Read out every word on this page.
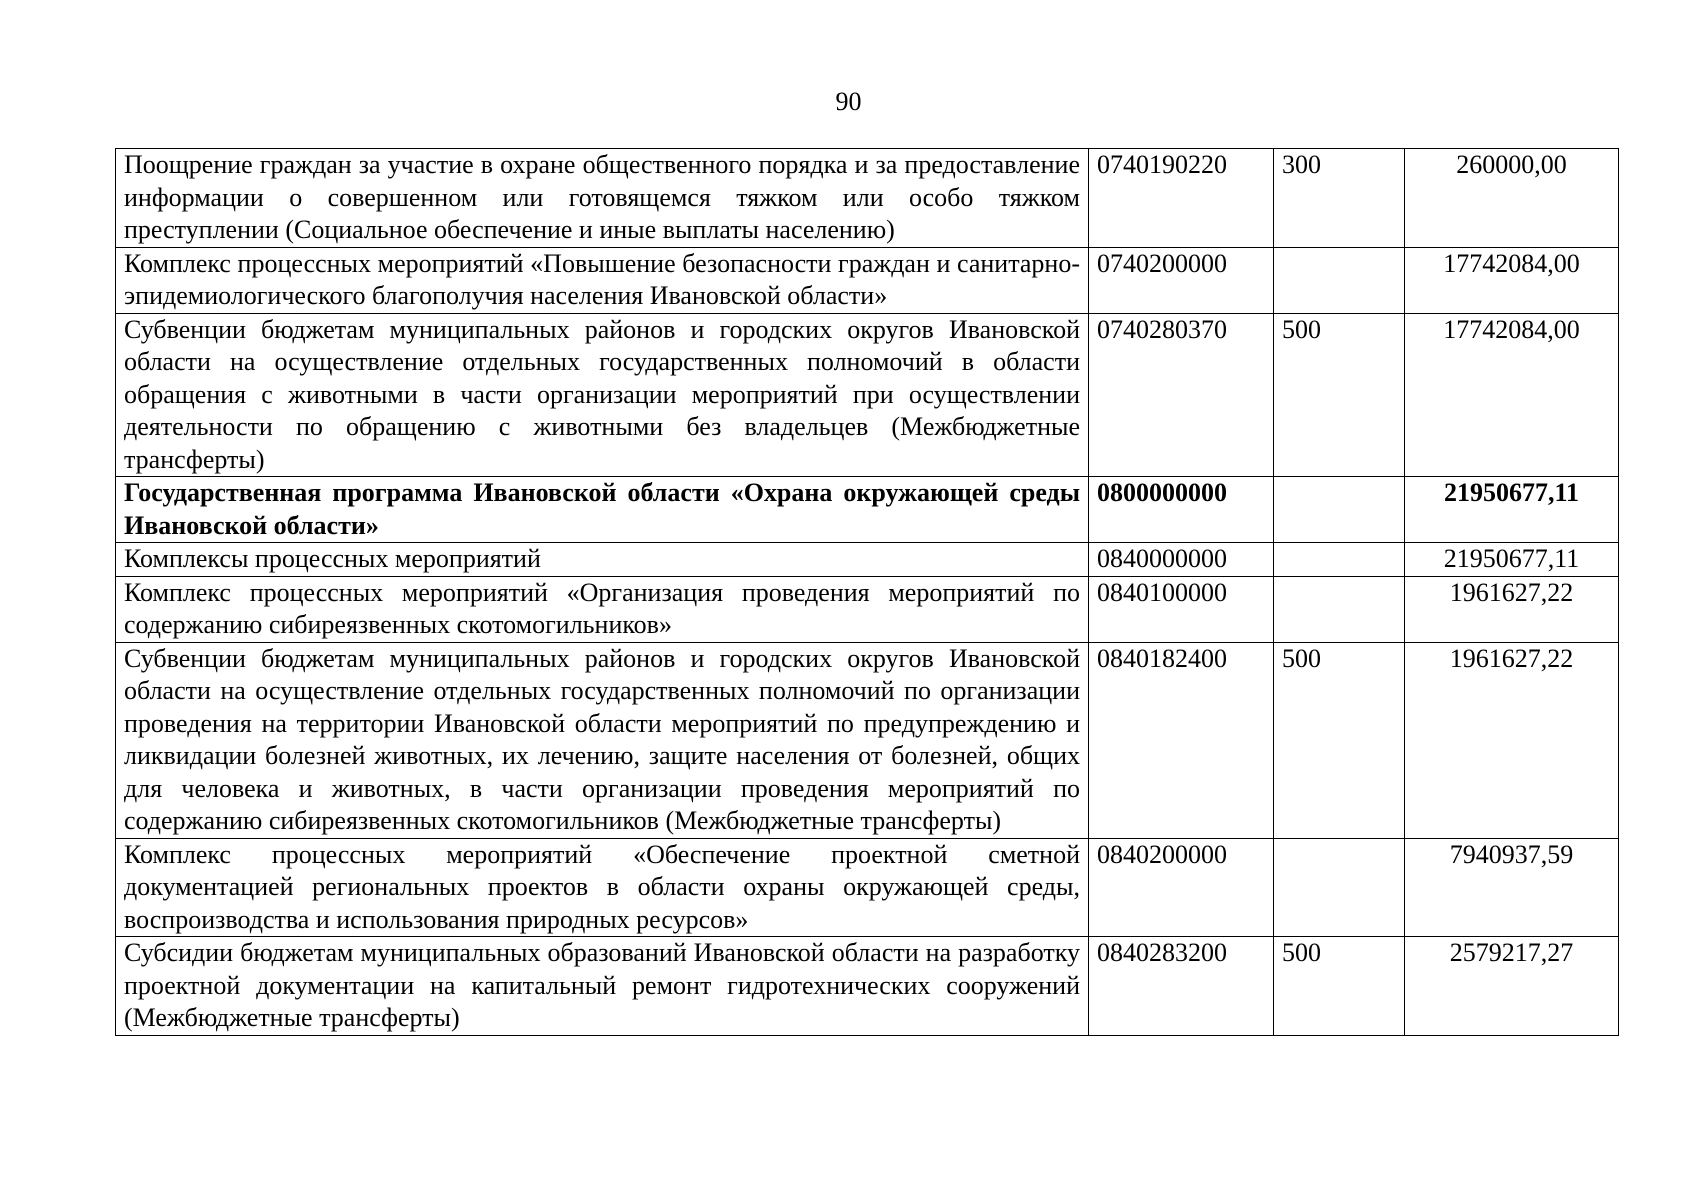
90
Поощрение граждан за участие в охране общественного порядка и за предоставление информации о совершенном или готовящемся тяжком или особо тяжком преступлении (Социальное обеспечение и иные выплаты населению)	0740190220	300	260000,00
Комплекс процессных мероприятий «Повышение безопасности граждан и санитарно-эпидемиологического благополучия населения Ивановской области»	0740200000		17742084,00
Субвенции бюджетам муниципальных районов и городских округов Ивановской области на осуществление отдельных государственных полномочий в области обращения с животными в части организации мероприятий при осуществлении деятельности по обращению с животными без владельцев (Межбюджетные трансферты)	0740280370	500	17742084,00
Государственная программа Ивановской области «Охрана окружающей среды Ивановской области»	0800000000		21950677,11
Комплексы процессных мероприятий	0840000000		21950677,11
Комплекс процессных мероприятий «Организация проведения мероприятий по содержанию сибиреязвенных скотомогильников»	0840100000		1961627,22
Субвенции бюджетам муниципальных районов и городских округов Ивановской области на осуществление отдельных государственных полномочий по организации проведения на территории Ивановской области мероприятий по предупреждению и ликвидации болезней животных, их лечению, защите населения от болезней, общих для человека и животных, в части организации проведения мероприятий по содержанию сибиреязвенных скотомогильников (Межбюджетные трансферты)	0840182400	500	1961627,22
Комплекс процессных мероприятий «Обеспечение проектной сметной документацией региональных проектов в области охраны окружающей среды, воспроизводства и использования природных ресурсов»	0840200000		7940937,59
Субсидии бюджетам муниципальных образований Ивановской области на разработку проектной документации на капитальный ремонт гидротехнических сооружений (Межбюджетные трансферты)	0840283200	500	2579217,27
